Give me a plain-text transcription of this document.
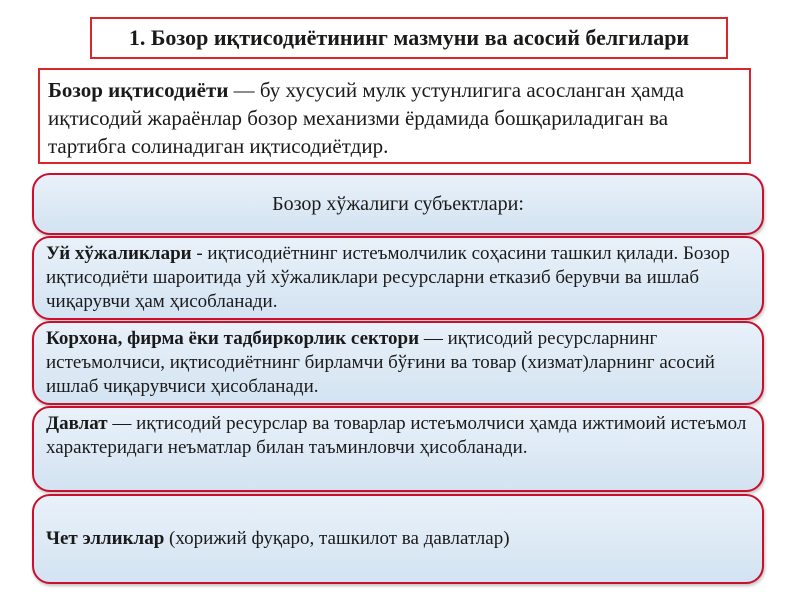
1. Бозор иқтисодиётининг мазмуни ва асосий белгилари
Бозор иқтисодиёти — бу хусусий мулк устунлигига асосланган ҳамда иқтисодий жараёнлар бозор механизми ёрдамида бошқариладиган ва тартибга солинадиган иқтисодиётдир.
Бозор хўжалиги субъектлари:
Уй хўжаликлари - иқтисодиётнинг истеъмолчилик соҳасини ташкил қилади. Бозор иқтисодиёти шароитида уй хўжаликлари ресурсларни етказиб берувчи ва ишлаб чиқарувчи ҳам ҳисобланади.
Корхона, фирма ёки тадбиркорлик сектори — иқтисодий ресурсларнинг истеъмолчиси, иқтисодиётнинг бирламчи бўғини ва товар (хизмат)ларнинг асосий ишлаб чиқарувчиси ҳисобланади.
Давлат — иқтисодий ресурслар ва товарлар истеъмолчиси ҳамда ижтимоий истеъмол характеридаги неъматлар билан таъминловчи ҳисобланади.
Чет элликлар (хорижий фуқаро, ташкилот ва давлатлар)
